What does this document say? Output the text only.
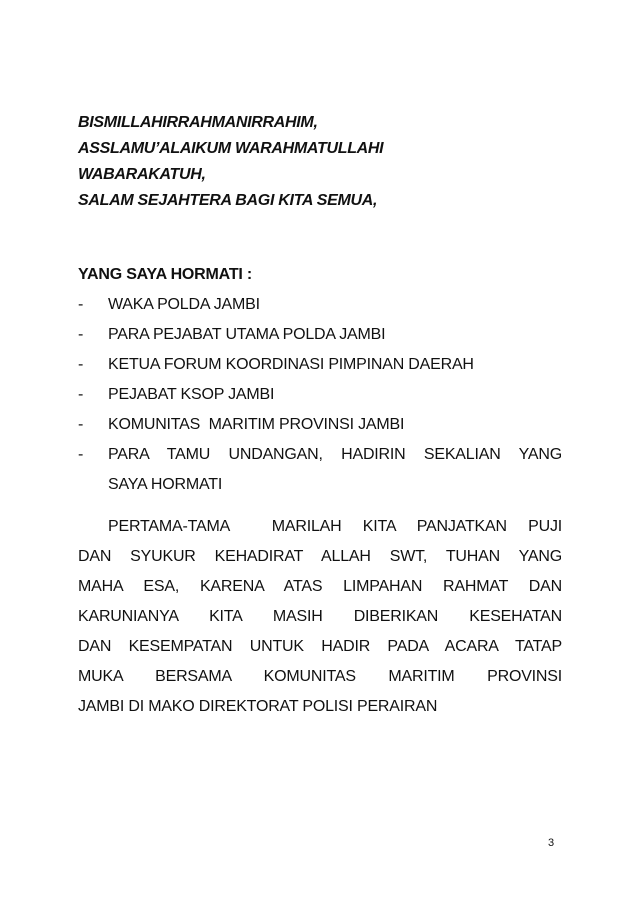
BISMILLAHIRRAHMANIRRAHIM,
ASSLAMU’ALAIKUM WARAHMATULLAHI
WABARAKATUH,
SALAM SEJAHTERA BAGI KITA SEMUA,
YANG SAYA HORMATI :
- WAKA POLDA JAMBI
- PARA PEJABAT UTAMA POLDA JAMBI
- KETUA FORUM KOORDINASI PIMPINAN DAERAH
- PEJABAT KSOP JAMBI
- KOMUNITAS  MARITIM PROVINSI JAMBI
- PARA TAMU UNDANGAN, HADIRIN SEKALIAN YANG
SAYA HORMATI
PERTAMA-TAMA  MARILAH KITA PANJATKAN PUJI
DAN SYUKUR KEHADIRAT ALLAH SWT, TUHAN YANG
MAHA ESA, KARENA ATAS LIMPAHAN RAHMAT DAN
KARUNIANYA KITA MASIH DIBERIKAN KESEHATAN
DAN KESEMPATAN UNTUK HADIR PADA ACARA TATAP
MUKA BERSAMA KOMUNITAS MARITIM PROVINSI
JAMBI DI MAKO DIREKTORAT POLISI PERAIRAN
3
